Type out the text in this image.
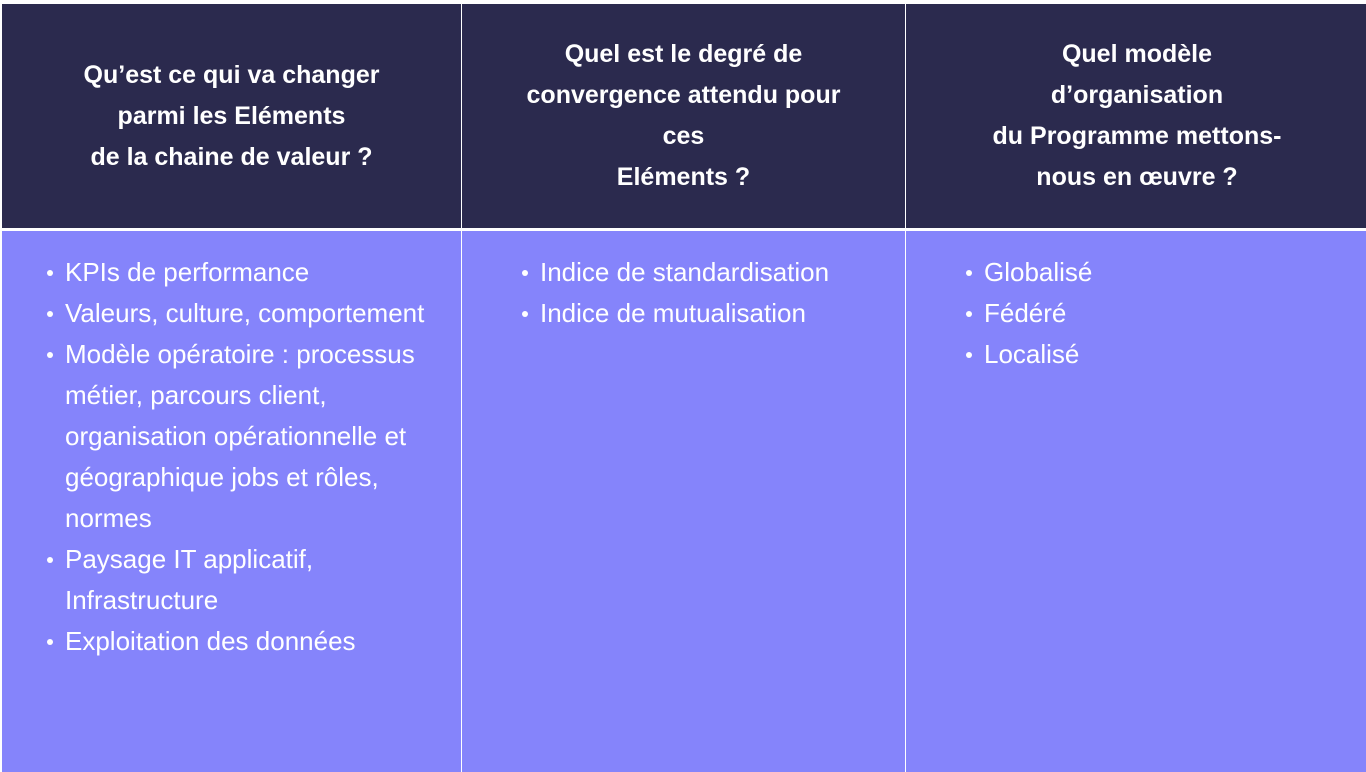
Qu’est ce qui va changer
parmi les Eléments
de la chaine de valeur ?
Quel est le degré de
convergence attendu pour
ces
Eléments ?
Quel modèle
d’organisation
du Programme mettons-
nous en œuvre ?
KPIs de performance
Valeurs, culture, comportement
Modèle opératoire : processus métier, parcours client, organisation opérationnelle et géographique jobs et rôles, normes
Paysage IT applicatif, Infrastructure
Exploitation des données
Indice de standardisation
Indice de mutualisation
Globalisé
Fédéré
Localisé
